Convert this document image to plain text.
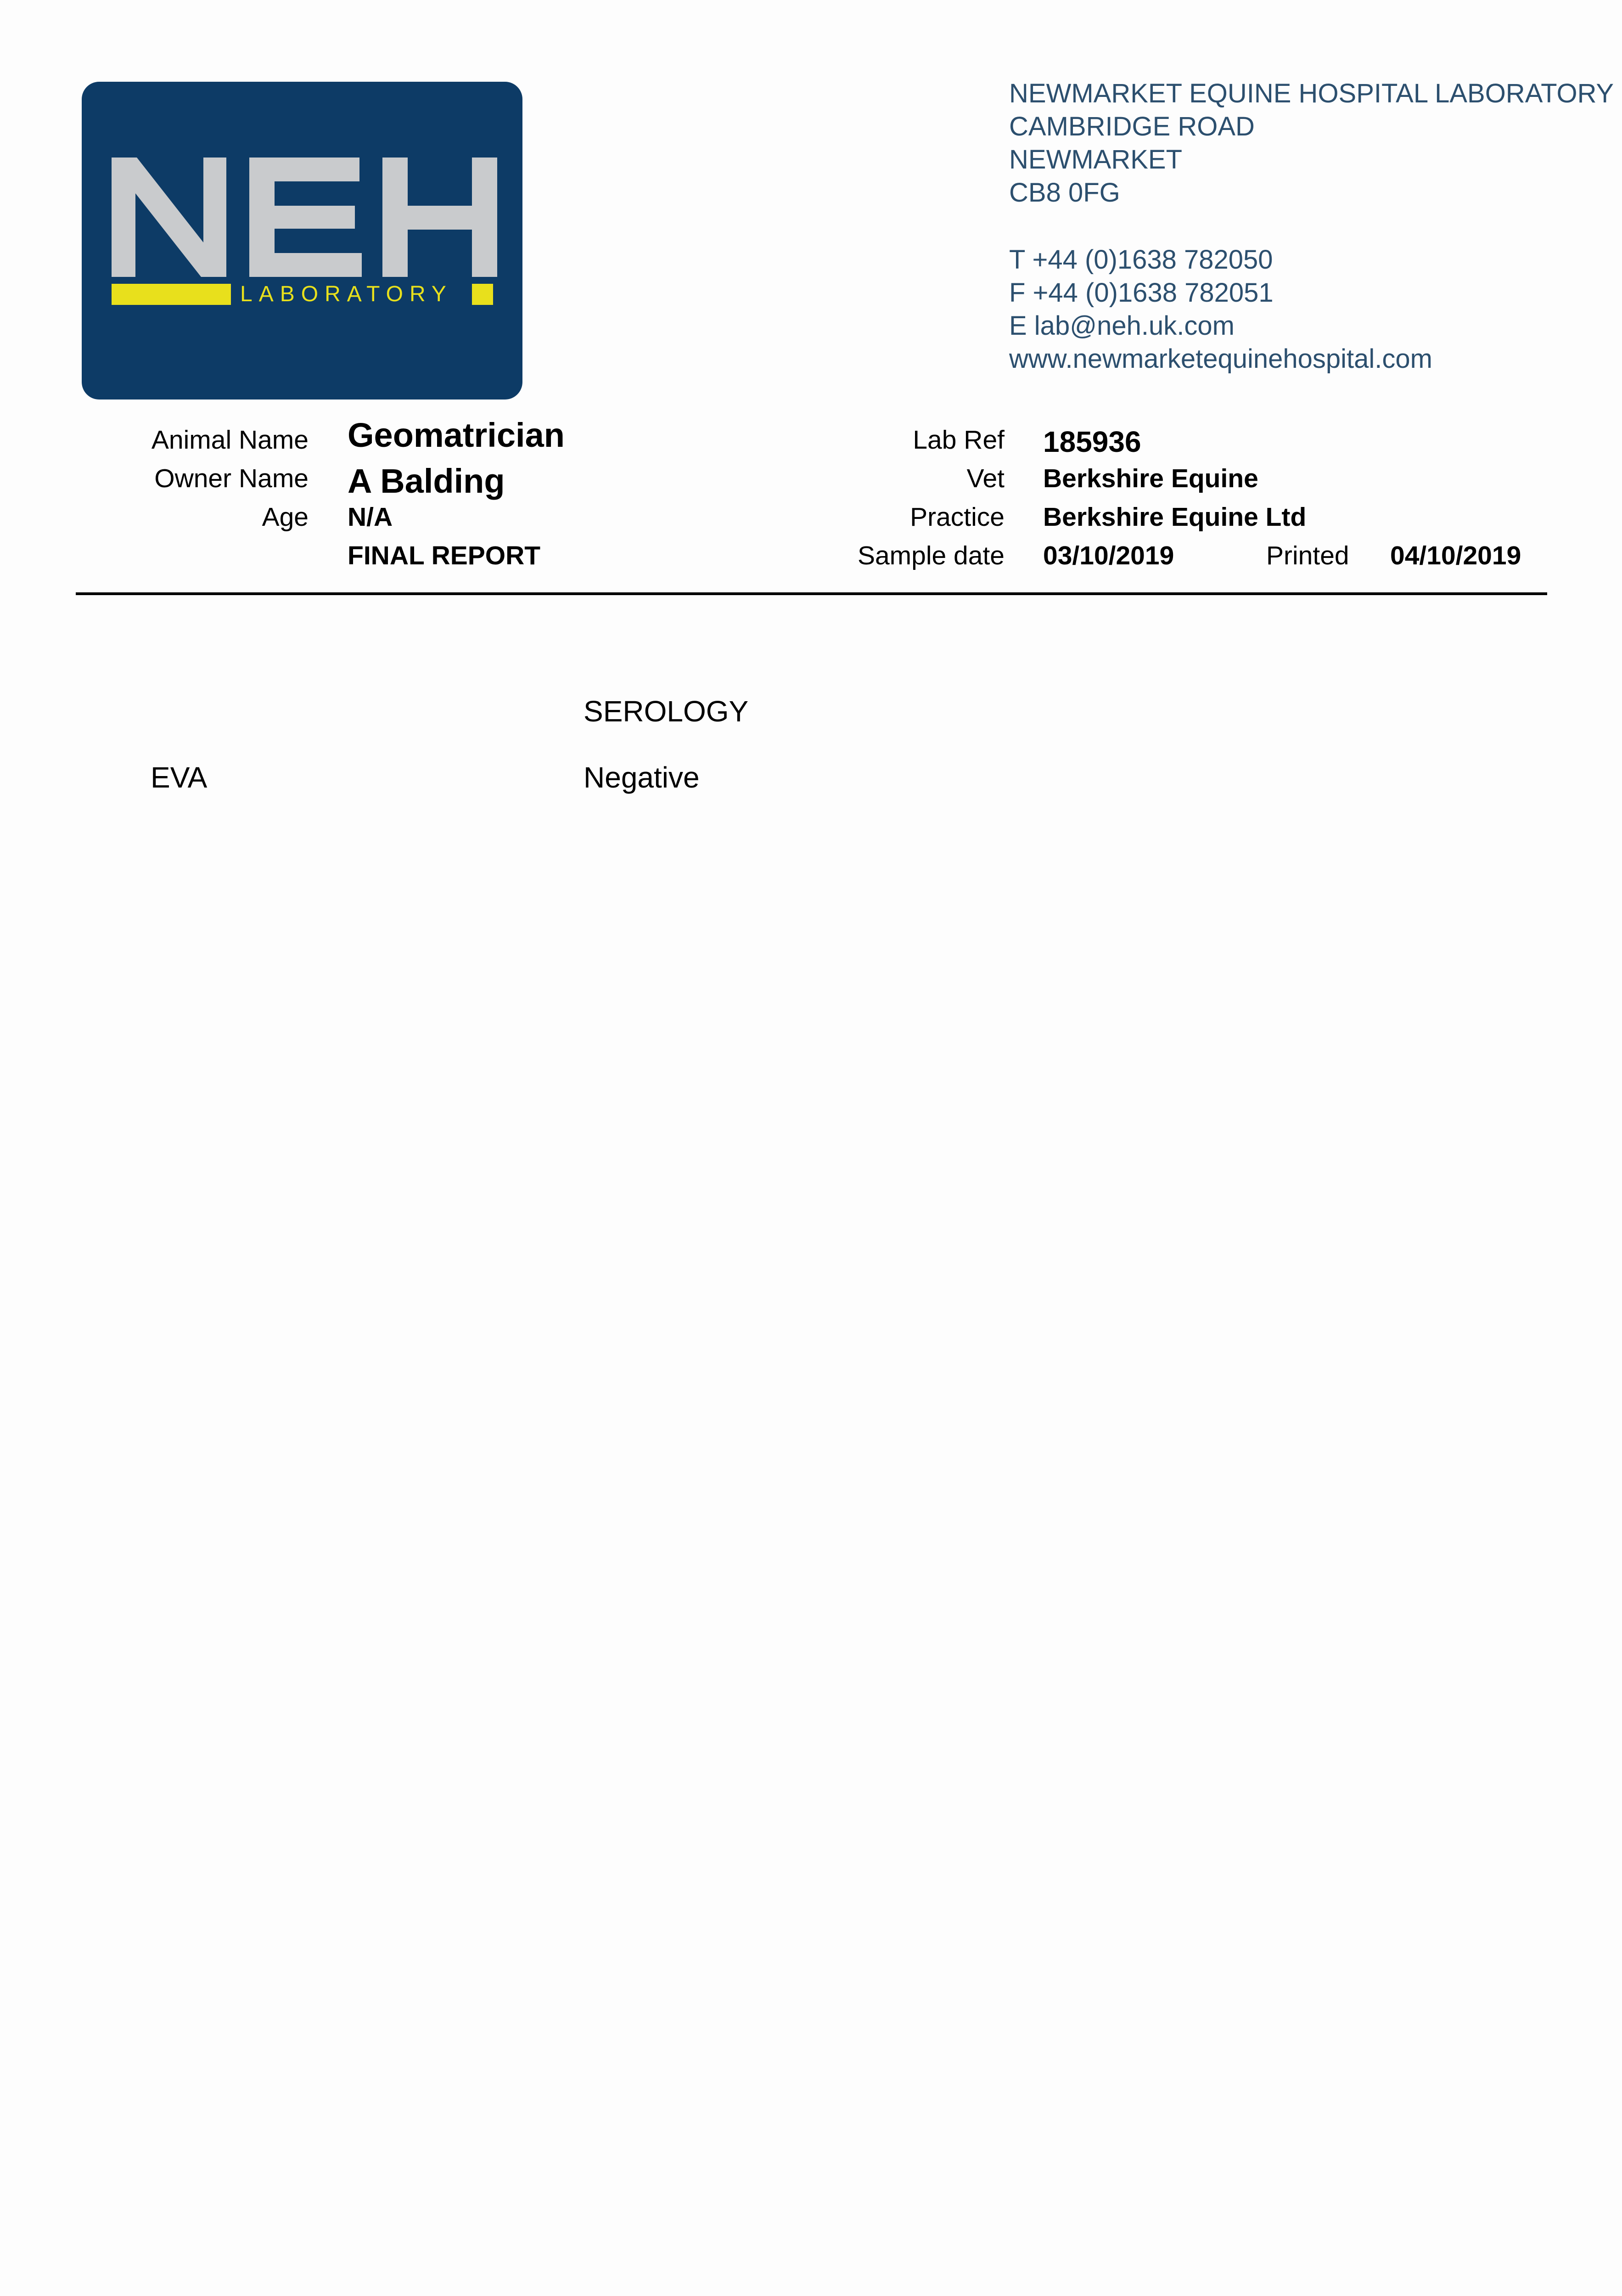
LABORATORY
NEWMARKET EQUINE HOSPITAL LABORATORY
CAMBRIDGE ROAD
NEWMARKET
CB8 0FG
T +44 (0)1638 782050
F +44 (0)1638 782051
E lab@neh.uk.com
www.newmarketequinehospital.com
Animal Name
Owner Name
Age
Geomatrician
A Balding
N/A
FINAL REPORT
Lab Ref
Vet
Practice
Sample date
185936
Berkshire Equine
Berkshire Equine Ltd
03/10/2019	Printed 04/10/2019
SEROLOGY
EVA	Negative
